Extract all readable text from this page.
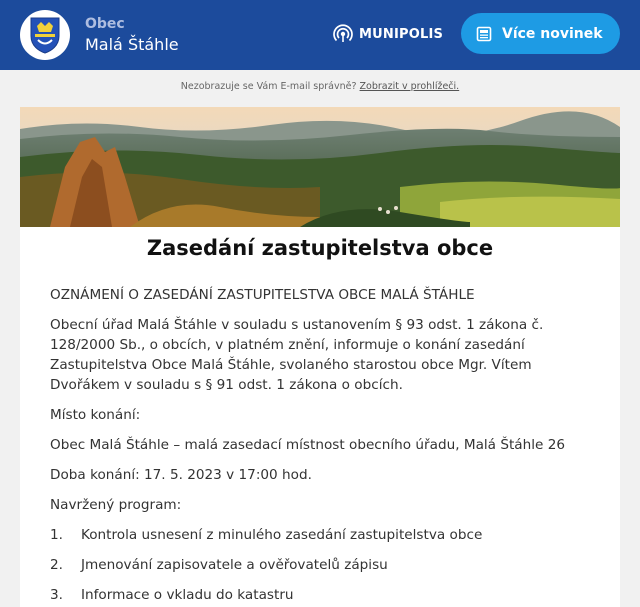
Obec
Malá Štáhle
MUNIPOLIS	Více novinek
Nezobrazuje se Vám E-mail správně? Zobrazit v prohlížeči.
Zasedání zastupitelstva obce

OZNÁMENÍ O ZASEDÁNÍ ZASTUPITELSTVA OBCE MALÁ ŠTÁHLE

Obecní úřad Malá Štáhle v souladu s ustanovením § 93 odst. 1 zákona č. 128/2000 Sb., o obcích, v platném znění, informuje o konání zasedání Zastupitelstva Obce Malá Štáhle, svolaného starostou obce Mgr. Vítem Dvořákem v souladu s § 91 odst. 1 zákona o obcích.

Místo konání:

Obec Malá Štáhle – malá zasedací místnost obecního úřadu, Malá Štáhle 26

Doba konání: 17. 5. 2023 v 17:00 hod.

Navržený program:

1.	Kontrola usnesení z minulého zasedání zastupitelstva obce
2.	Jmenování zapisovatele a ověřovatelů zápisu
3.	Informace o vkladu do katastru
